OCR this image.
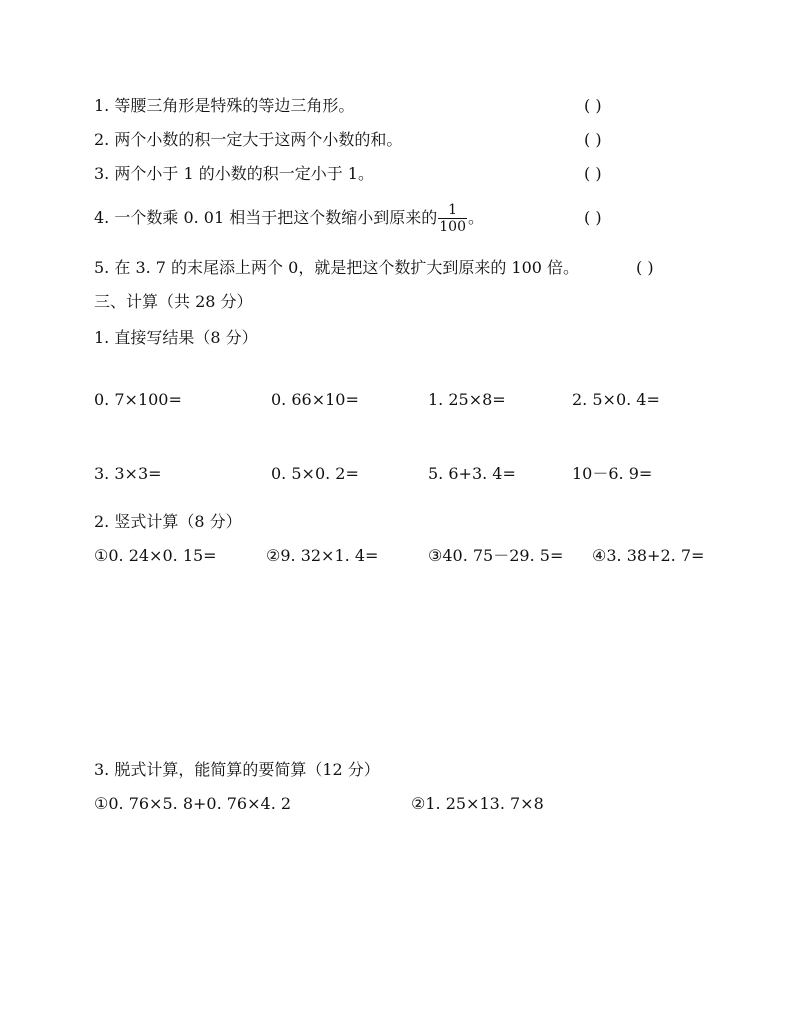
1. 等腰三角形是特殊的等边三角形。	( )
2. 两个小数的积一定大于这两个小数的和。	( )
3. 两个小于 1 的小数的积一定小于 1。	( )
4. 一个数乘 0. 01 相当于把这个数缩小到原来的 $\frac{1}{100}$ 。	( )
5. 在 3. 7 的末尾添上两个 0，就是把这个数扩大到原来的 100 倍。	( )
三、计算（共 28 分）
1. 直接写结果（8 分）
0. 7×100=	0. 66×10=	1. 25×8=	2. 5×0. 4=
3. 3×3=	0. 5×0. 2=	5. 6+3. 4=	10－6. 9=
2. 竖式计算（8 分）
①0. 24×0. 15=	②9. 32×1. 4=	③40. 75－29. 5= ④3. 38+2. 7=
3. 脱式计算，能简算的要简算（12 分）
①0. 76×5. 8+0. 76×4. 2	②1. 25×13. 7×8
